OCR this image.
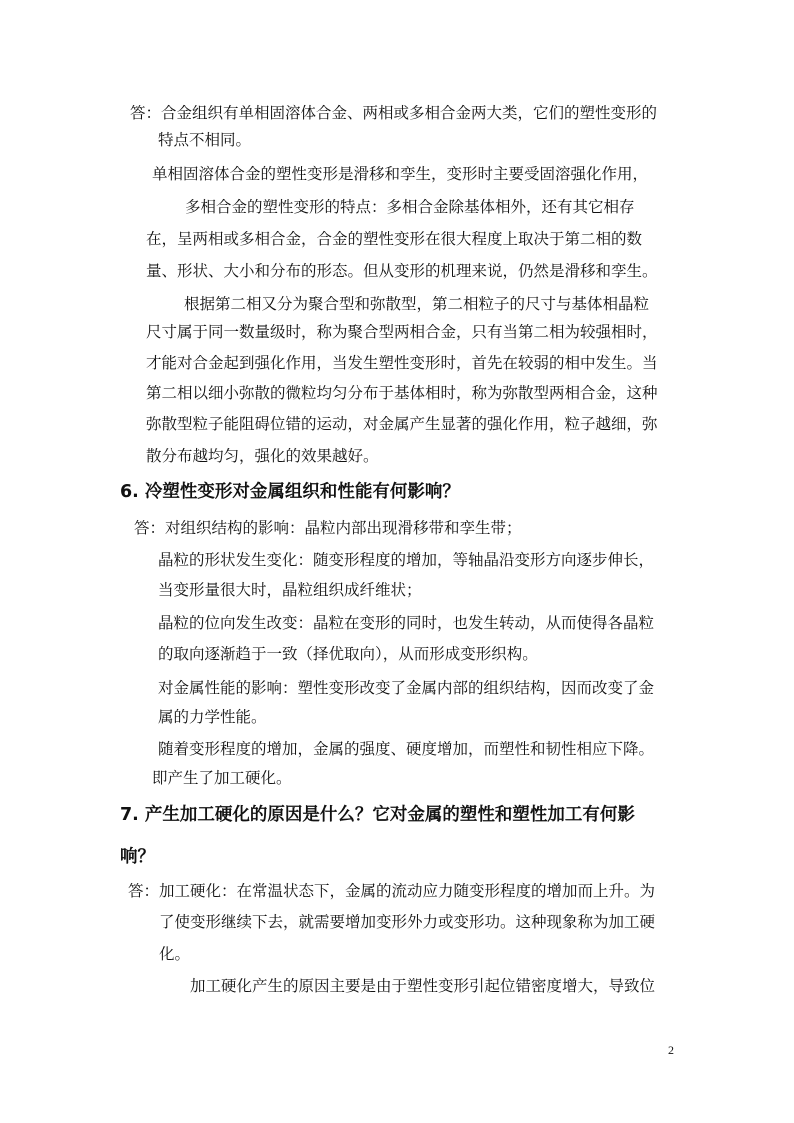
答：合金组织有单相固溶体合金、两相或多相合金两大类，它们的塑性变形的
特点不相同。
单相固溶体合金的塑性变形是滑移和孪生，变形时主要受固溶强化作用，
多相合金的塑性变形的特点：多相合金除基体相外，还有其它相存
在，呈两相或多相合金，合金的塑性变形在很大程度上取决于第二相的数
量、形状、大小和分布的形态。但从变形的机理来说，仍然是滑移和孪生。
根据第二相又分为聚合型和弥散型，第二相粒子的尺寸与基体相晶粒
尺寸属于同一数量级时，称为聚合型两相合金，只有当第二相为较强相时，
才能对合金起到强化作用，当发生塑性变形时，首先在较弱的相中发生。当
第二相以细小弥散的微粒均匀分布于基体相时，称为弥散型两相合金，这种
弥散型粒子能阻碍位错的运动，对金属产生显著的强化作用，粒子越细，弥
散分布越均匀，强化的效果越好。
6. 冷塑性变形对金属组织和性能有何影响？
答：对组织结构的影响：晶粒内部出现滑移带和孪生带；
晶粒的形状发生变化：随变形程度的增加，等轴晶沿变形方向逐步伸长，
当变形量很大时，晶粒组织成纤维状；
晶粒的位向发生改变：晶粒在变形的同时，也发生转动，从而使得各晶粒
的取向逐渐趋于一致（择优取向），从而形成变形织构。
对金属性能的影响：塑性变形改变了金属内部的组织结构，因而改变了金
属的力学性能。
随着变形程度的增加，金属的强度、硬度增加，而塑性和韧性相应下降。
即产生了加工硬化。
7. 产生加工硬化的原因是什么？它对金属的塑性和塑性加工有何影
响？
答：加工硬化：在常温状态下，金属的流动应力随变形程度的增加而上升。为
了使变形继续下去，就需要增加变形外力或变形功。这种现象称为加工硬
化。
加工硬化产生的原因主要是由于塑性变形引起位错密度增大，导致位
2
